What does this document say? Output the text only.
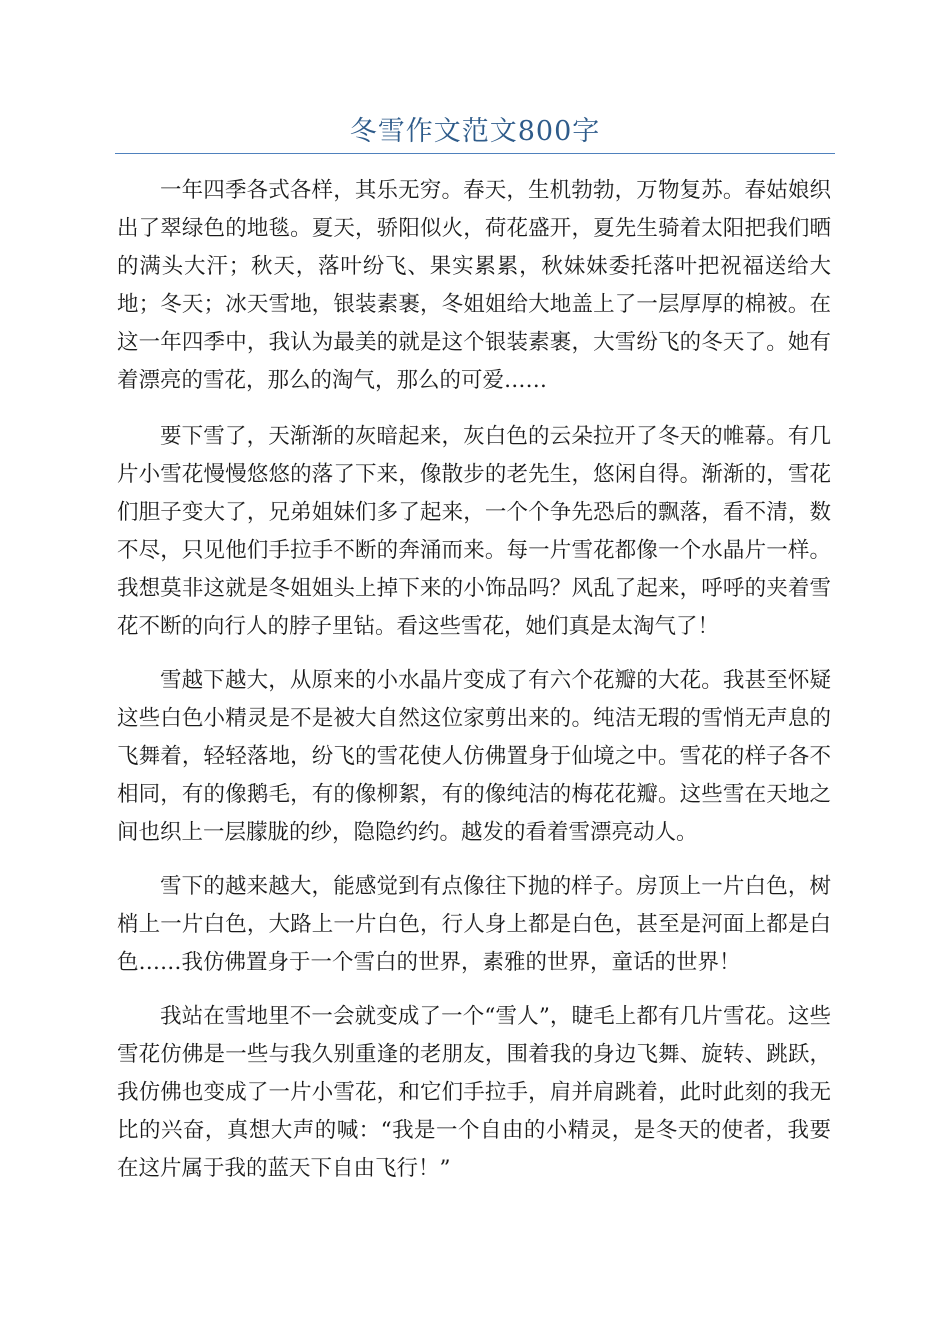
冬雪作文范文800字

一年四季各式各样，其乐无穷。春天，生机勃勃，万物复苏。春姑娘织出了翠绿色的地毯。夏天，骄阳似火，荷花盛开，夏先生骑着太阳把我们晒的满头大汗；秋天，落叶纷飞、果实累累，秋妹妹委托落叶把祝福送给大地；冬天；冰天雪地，银装素裹，冬姐姐给大地盖上了一层厚厚的棉被。在这一年四季中，我认为最美的就是这个银装素裹，大雪纷飞的冬天了。她有着漂亮的雪花，那么的淘气，那么的可爱……

要下雪了，天渐渐的灰暗起来，灰白色的云朵拉开了冬天的帷幕。有几片小雪花慢慢悠悠的落了下来，像散步的老先生，悠闲自得。渐渐的，雪花们胆子变大了，兄弟姐妹们多了起来，一个个争先恐后的飘落，看不清，数不尽，只见他们手拉手不断的奔涌而来。每一片雪花都像一个水晶片一样。我想莫非这就是冬姐姐头上掉下来的小饰品吗？风乱了起来，呼呼的夹着雪花不断的向行人的脖子里钻。看这些雪花，她们真是太淘气了！

雪越下越大，从原来的小水晶片变成了有六个花瓣的大花。我甚至怀疑这些白色小精灵是不是被大自然这位家剪出来的。纯洁无瑕的雪悄无声息的飞舞着，轻轻落地，纷飞的雪花使人仿佛置身于仙境之中。雪花的样子各不相同，有的像鹅毛，有的像柳絮，有的像纯洁的梅花花瓣。这些雪在天地之间也织上一层朦胧的纱，隐隐约约。越发的看着雪漂亮动人。

雪下的越来越大，能感觉到有点像往下抛的样子。房顶上一片白色，树梢上一片白色，大路上一片白色，行人身上都是白色，甚至是河面上都是白色……我仿佛置身于一个雪白的世界，素雅的世界，童话的世界！

我站在雪地里不一会就变成了一个“雪人”，睫毛上都有几片雪花。这些雪花仿佛是一些与我久别重逢的老朋友，围着我的身边飞舞、旋转、跳跃，我仿佛也变成了一片小雪花，和它们手拉手，肩并肩跳着，此时此刻的我无比的兴奋，真想大声的喊：“我是一个自由的小精灵，是冬天的使者，我要在这片属于我的蓝天下自由飞行！”
